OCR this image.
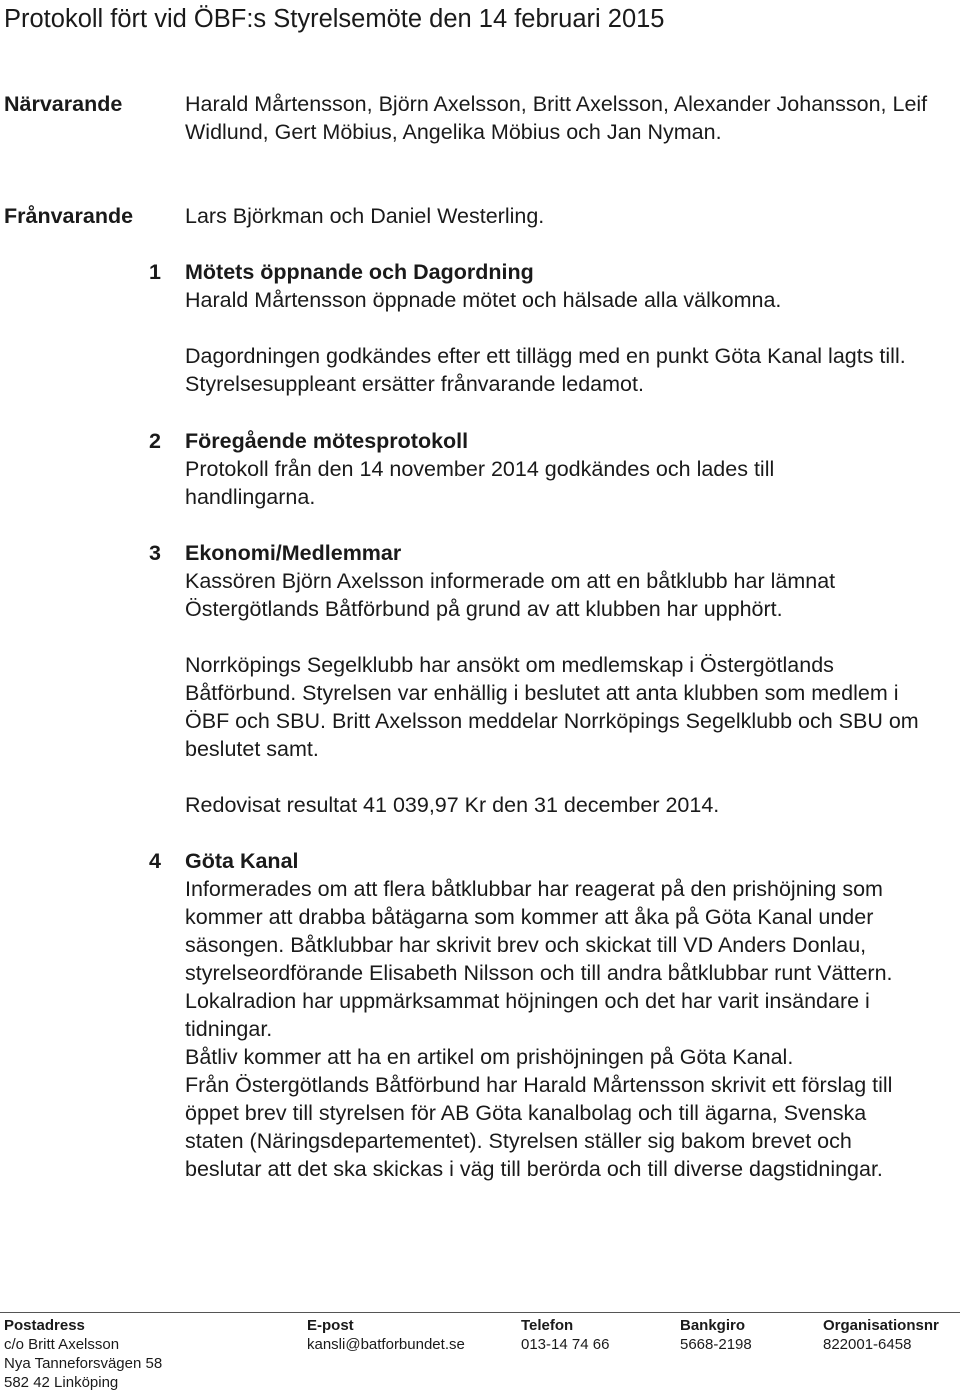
Protokoll fört vid ÖBF:s Styrelsemöte den 14 februari 2015
Närvarande	Harald Mårtensson, Björn Axelsson, Britt Axelsson, Alexander Johansson, Leif Widlund, Gert Möbius, Angelika Möbius och Jan Nyman.
Frånvarande Lars Björkman och Daniel Westerling.
1 Mötets öppnande och Dagordning
Harald Mårtensson öppnade mötet och hälsade alla välkomna.
Dagordningen godkändes efter ett tillägg med en punkt Göta Kanal lagts till. Styrelsesuppleant ersätter frånvarande ledamot.
2 Föregående mötesprotokoll
Protokoll från den 14 november 2014 godkändes och lades till handlingarna.
3 Ekonomi/Medlemmar
Kassören Björn Axelsson informerade om att en båtklubb har lämnat Östergötlands Båtförbund på grund av att klubben har upphört.
Norrköpings Segelklubb har ansökt om medlemskap i Östergötlands Båtförbund. Styrelsen var enhällig i beslutet att anta klubben som medlem i ÖBF och SBU. Britt Axelsson meddelar Norrköpings Segelklubb och SBU om beslutet samt.
Redovisat resultat 41 039,97 Kr den 31 december 2014.
4 Göta Kanal
Informerades om att flera båtklubbar har reagerat på den prishöjning som kommer att drabba båtägarna som kommer att åka på Göta Kanal under säsongen. Båtklubbar har skrivit brev och skickat till VD Anders Donlau, styrelseordförande Elisabeth Nilsson och till andra båtklubbar runt Vättern. Lokalradion har uppmärksammat höjningen och det har varit insändare i tidningar.
Båtliv kommer att ha en artikel om prishöjningen på Göta Kanal.
Från Östergötlands Båtförbund har Harald Mårtensson skrivit ett förslag till öppet brev till styrelsen för AB Göta kanalbolag och till ägarna, Svenska staten (Näringsdepartementet). Styrelsen ställer sig bakom brevet och beslutar att det ska skickas i väg till berörda och till diverse dagstidningar.
Postadress
c/o Britt Axelsson
Nya Tanneforsvägen 58
582 42 Linköping
E-post
kansli@batforbundet.se
Telefon
013-14 74 66
Bankgiro
5668-2198
Organisationsnr
822001-6458
